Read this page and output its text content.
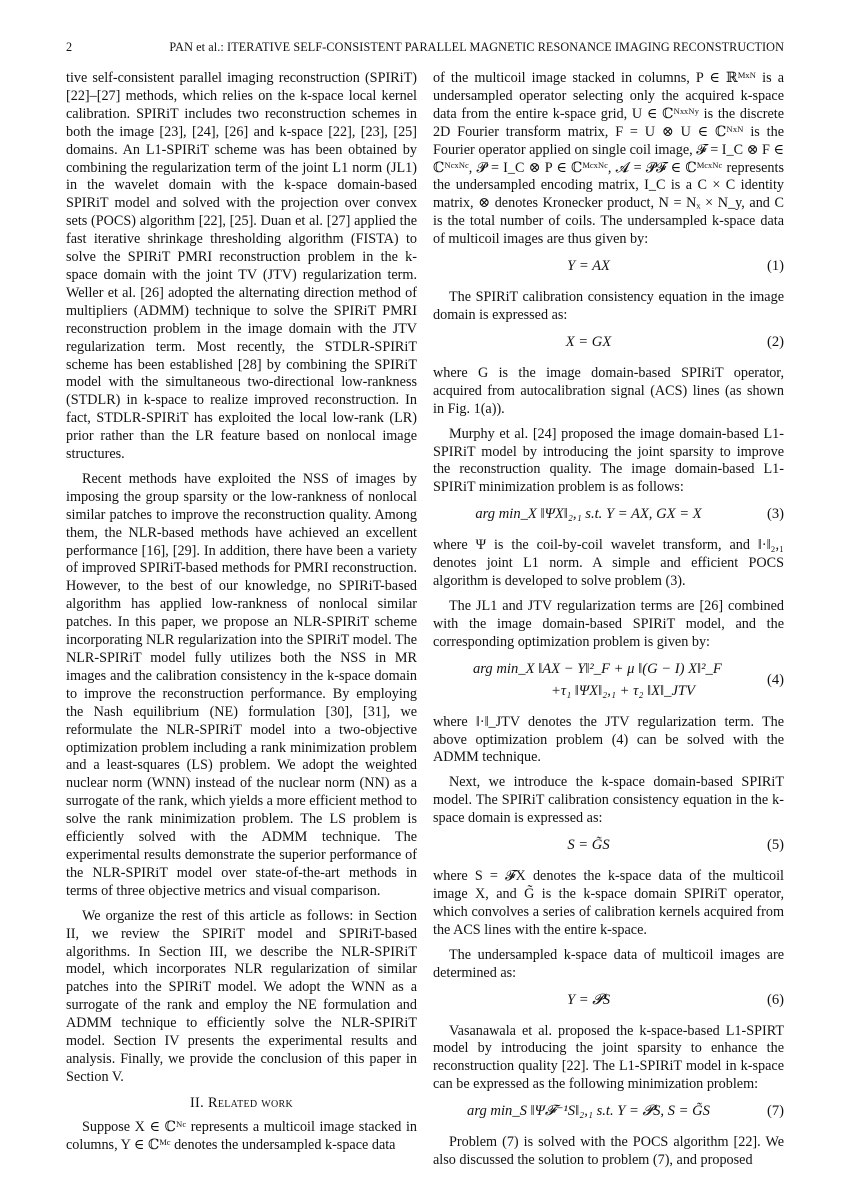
2	PAN et al.: ITERATIVE SELF-CONSISTENT PARALLEL MAGNETIC RESONANCE IMAGING RECONSTRUCTION

tive self-consistent parallel imaging reconstruction (SPIRiT) [22]–[27] methods, which relies on the k-space local kernel calibration. SPIRiT includes two reconstruction schemes in both the image [23], [24], [26] and k-space [22], [23], [25] domains. An L1-SPIRiT scheme was has been obtained by combining the regularization term of the joint L1 norm (JL1) in the wavelet domain with the k-space domain-based SPIRiT model and solved with the projection over convex sets (POCS) algorithm [22], [25]. Duan et al. [27] applied the fast iterative shrinkage thresholding algorithm (FISTA) to solve the SPIRiT PMRI reconstruction problem in the k-space domain with the joint TV (JTV) regularization term. Weller et al. [26] adopted the alternating direction method of multipliers (ADMM) technique to solve the SPIRiT PMRI reconstruction problem in the image domain with the JTV regularization term. Most recently, the STDLR-SPIRiT scheme has been established [28] by combining the SPIRiT model with the simultaneous two-directional low-rankness (STDLR) in k-space to realize improved reconstruction. In fact, STDLR-SPIRiT has exploited the local low-rank (LR) prior rather than the LR feature based on nonlocal image structures.

Recent methods have exploited the NSS of images by imposing the group sparsity or the low-rankness of nonlocal similar patches to improve the reconstruction quality. Among them, the NLR-based methods have achieved an excellent performance [16], [29]. In addition, there have been a variety of improved SPIRiT-based methods for PMRI reconstruction. However, to the best of our knowledge, no SPIRiT-based algorithm has applied low-rankness of nonlocal similar patches. In this paper, we propose an NLR-SPIRiT scheme incorporating NLR regularization into the SPIRiT model. The NLR-SPIRiT model fully utilizes both the NSS in MR images and the calibration consistency in the k-space domain to improve the reconstruction performance. By employing the Nash equilibrium (NE) formulation [30], [31], we reformulate the NLR-SPIRiT model into a two-objective optimization problem including a rank minimization problem and a least-squares (LS) problem. We adopt the weighted nuclear norm (WNN) instead of the nuclear norm (NN) as a surrogate of the rank, which yields a more efficient method to solve the rank minimization problem. The LS problem is efficiently solved with the ADMM technique. The experimental results demonstrate the superior performance of the NLR-SPIRiT model over state-of-the-art methods in terms of three objective metrics and visual comparison.

We organize the rest of this article as follows: in Section II, we review the SPIRiT model and SPIRiT-based algorithms. In Section III, we describe the NLR-SPIRiT model, which incorporates NLR regularization of similar patches into the SPIRiT model. We adopt the WNN as a surrogate of the rank and employ the NE formulation and ADMM technique to efficiently solve the NLR-SPIRiT model. Section IV presents the experimental results and analysis. Finally, we provide the conclusion of this paper in Section V.

II. Related work

Suppose X ∈ ℂᴺᶜ represents a multicoil image stacked in columns, Y ∈ ℂᴹᶜ denotes the undersampled k-space data

of the multicoil image stacked in columns, P ∈ ℝᴹˣᴺ is a undersampled operator selecting only the acquired k-space data from the entire k-space grid, U ∈ ℂᴺˣˣᴺʸ is the discrete 2D Fourier transform matrix, F = U ⊗ U ∈ ℂᴺˣᴺ is the Fourier operator applied on single coil image, 𝓕 = I_C ⊗ F ∈ ℂᴺᶜˣᴺᶜ, 𝓟 = I_C ⊗ P ∈ ℂᴹᶜˣᴺᶜ, 𝓐 = 𝓟𝓕 ∈ ℂᴹᶜˣᴺᶜ represents the undersampled encoding matrix, I_C is a C × C identity matrix, ⊗ denotes Kronecker product, N = Nₓ × N_y, and C is the total number of coils. The undersampled k-space data of multicoil images are thus given by:

Y = AX	(1)

The SPIRiT calibration consistency equation in the image domain is expressed as:

X = GX	(2)

where G is the image domain-based SPIRiT operator, acquired from autocalibration signal (ACS) lines (as shown in Fig. 1(a)).

Murphy et al. [24] proposed the image domain-based L1-SPIRiT model by introducing the joint sparsity to improve the reconstruction quality. The image domain-based L1-SPIRiT minimization problem is as follows:

arg min_X ‖ΨX‖₂,₁ s.t. Y = AX, GX = X	(3)

where Ψ is the coil-by-coil wavelet transform, and ‖·‖₂,₁ denotes joint L1 norm. A simple and efficient POCS algorithm is developed to solve problem (3).

The JL1 and JTV regularization terms are [26] combined with the image domain-based SPIRiT model, and the corresponding optimization problem is given by:

arg min_X ‖AX − Y‖²_F + μ ‖(G − I) X‖²_F
+τ₁ ‖ΨX‖₂,₁ + τ₂ ‖X‖_JTV
(4)

where ‖·‖_JTV denotes the JTV regularization term. The above optimization problem (4) can be solved with the ADMM technique.

Next, we introduce the k-space domain-based SPIRiT model. The SPIRiT calibration consistency equation in the k-space domain is expressed as:

S = G̃S	(5)

where S = 𝓕X denotes the k-space data of the multicoil image X, and G̃ is the k-space domain SPIRiT operator, which convolves a series of calibration kernels acquired from the ACS lines with the entire k-space.

The undersampled k-space data of multicoil images are determined as:

Y = 𝓟S	(6)

Vasanawala et al. proposed the k-space-based L1-SPIRT model by introducing the joint sparsity to enhance the reconstruction quality [22]. The L1-SPIRiT model in k-space can be expressed as the following minimization problem:

arg min_S ‖Ψ𝓕⁻¹S‖₂,₁ s.t. Y = 𝓟S, S = G̃S	(7)

Problem (7) is solved with the POCS algorithm [22]. We also discussed the solution to problem (7), and proposed
